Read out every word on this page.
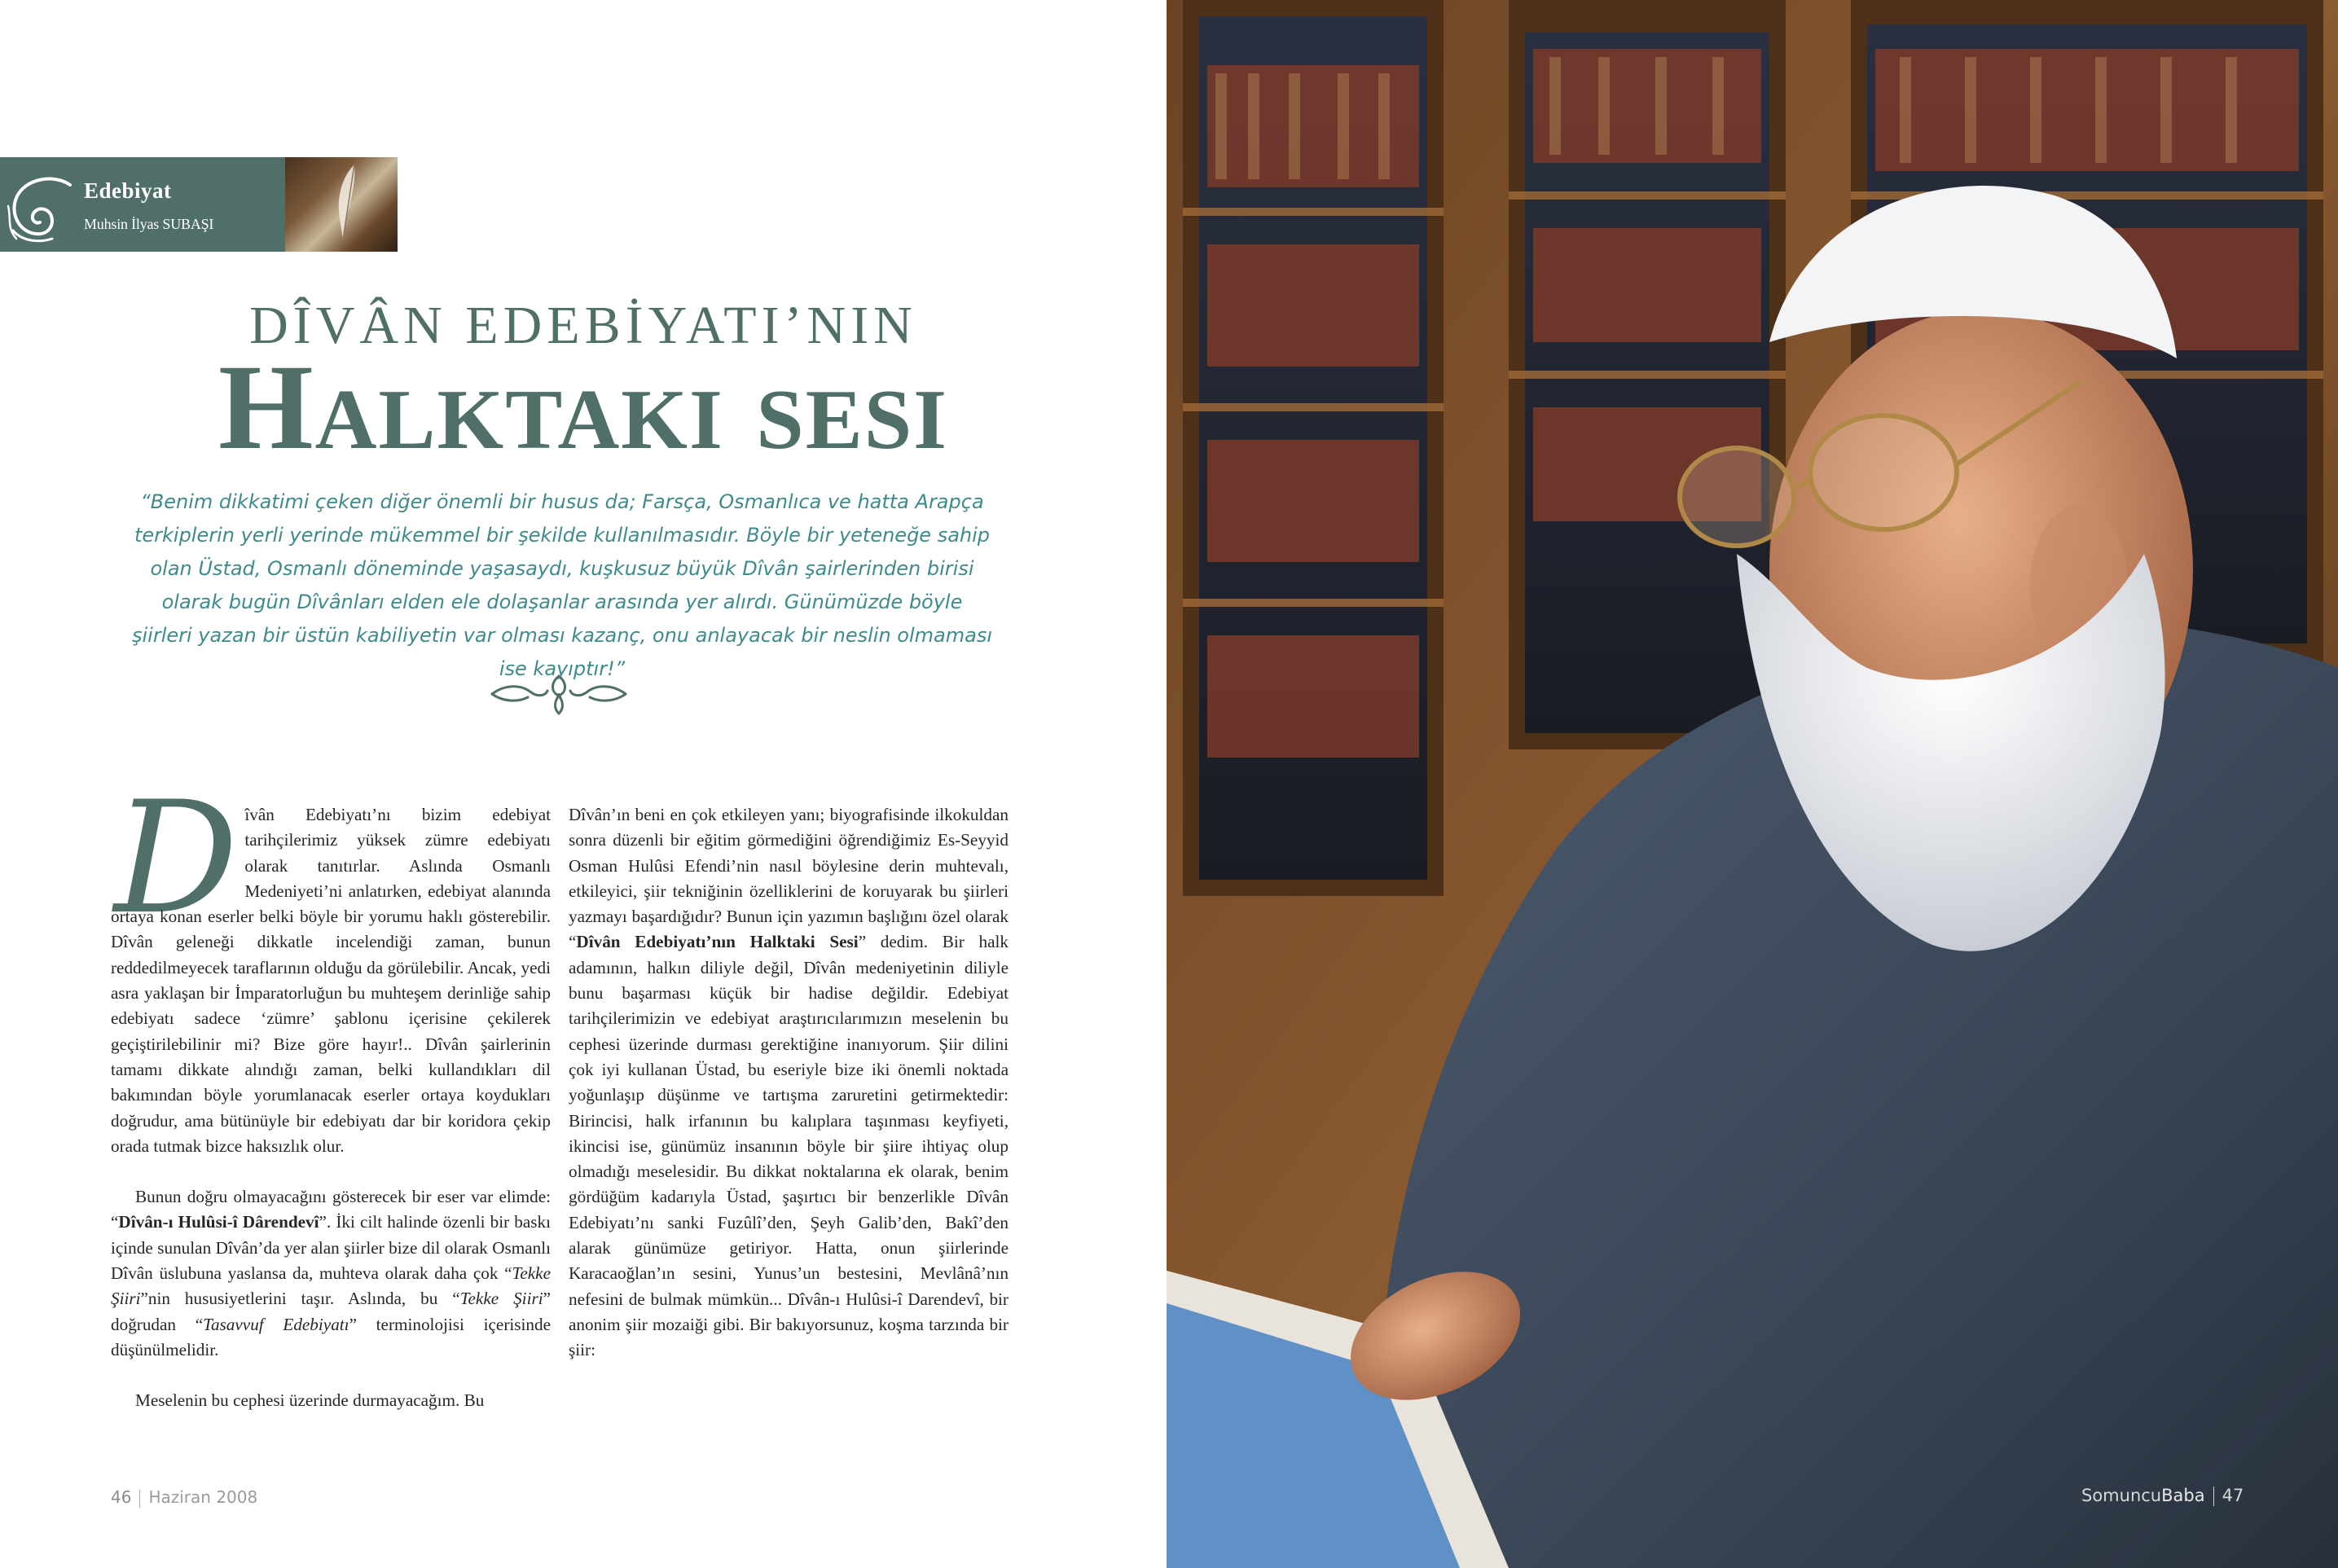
Edebiyat
Muhsin İlyas SUBAŞI
DÎVÂN EDEBİYATI’NIN
Halktaki sesi

“Benim dikkatimi çeken diğer önemli bir husus da; Farsça, Osmanlıca ve hatta Arapça terkiplerin yerli yerinde mükemmel bir şekilde kullanılmasıdır. Böyle bir yeteneğe sahip olan Üstad, Osmanlı döneminde yaşasaydı, kuşkusuz büyük Dîvân şairlerinden birisi olarak bugün Dîvânları elden ele dolaşanlar arasında yer alırdı. Günümüzde böyle şiirleri yazan bir üstün kabiliyetin var olması kazanç, onu anlayacak bir neslin olmaması ise kayıptır!”

Dîvân Edebiyatı’nı bizim edebiyat tarihçilerimiz yüksek zümre edebiyatı olarak tanıtırlar. Aslında Osmanlı Medeniyeti’ni anlatırken, edebiyat alanında ortaya konan eserler belki böyle bir yorumu haklı gösterebilir. Dîvân geleneği dikkatle incelendiği zaman, bunun reddedilmeyecek taraflarının olduğu da görülebilir. Ancak, yedi asra yaklaşan bir İmparatorluğun bu muhteşem derinliğe sahip edebiyatı sadece ‘zümre’ şablonu içerisine çekilerek geçiştirilebilinir mi? Bize göre hayır!.. Dîvân şairlerinin tamamı dikkate alındığı zaman, belki kullandıkları dil bakımından böyle yorumlanacak eserler ortaya koydukları doğrudur, ama bütünüyle bir edebiyatı dar bir koridora çekip orada tutmak bizce haksızlık olur.

Bunun doğru olmayacağını gösterecek bir eser var elimde: “Dîvân-ı Hulûsi-î Dârendevî”. İki cilt halinde özenli bir baskı içinde sunulan Dîvân’da yer alan şiirler bize dil olarak Osmanlı Dîvân üslubuna yaslansa da, muhteva olarak daha çok “Tekke Şiiri”nin hususiyetlerini taşır. Aslında, bu “Tekke Şiiri” doğrudan “Tasavvuf Edebiyatı” terminolojisi içerisinde düşünülmelidir.

Meselenin bu cephesi üzerinde durmayacağım. Bu

Dîvân’ın beni en çok etkileyen yanı; biyografisinde ilkokuldan sonra düzenli bir eğitim görmediğini öğrendiğimiz Es-Seyyid Osman Hulûsi Efendi’nin nasıl böylesine derin muhtevalı, etkileyici, şiir tekniğinin özelliklerini de koruyarak bu şiirleri yazmayı başardığıdır? Bunun için yazımın başlığını özel olarak “Dîvân Edebiyatı’nın Halktaki Sesi” dedim. Bir halk adamının, halkın diliyle değil, Dîvân medeniyetinin diliyle bunu başarması küçük bir hadise değildir. Edebiyat tarihçilerimizin ve edebiyat araştırıcılarımızın meselenin bu cephesi üzerinde durması gerektiğine inanıyorum. Şiir dilini çok iyi kullanan Üstad, bu eseriyle bize iki önemli noktada yoğunlaşıp düşünme ve tartışma zaruretini getirmektedir: Birincisi, halk irfanının bu kalıplara taşınması keyfiyeti, ikincisi ise, günümüz insanının böyle bir şiire ihtiyaç olup olmadığı meselesidir. Bu dikkat noktalarına ek olarak, benim gördüğüm kadarıyla Üstad, şaşırtıcı bir benzerlikle Dîvân Edebiyatı’nı sanki Fuzûlî’den, Şeyh Galib’den, Bakî’den alarak günümüze getiriyor. Hatta, onun şiirlerinde Karacaoğlan’ın sesini, Yunus’un bestesini, Mevlânâ’nın nefesini de bulmak mümkün... Dîvân-ı Hulûsi-î Darendevî, bir anonim şiir mozaiği gibi. Bir bakıyorsunuz, koşma tarzında bir şiir:

46 Haziran 2008	SomuncuBaba 47
